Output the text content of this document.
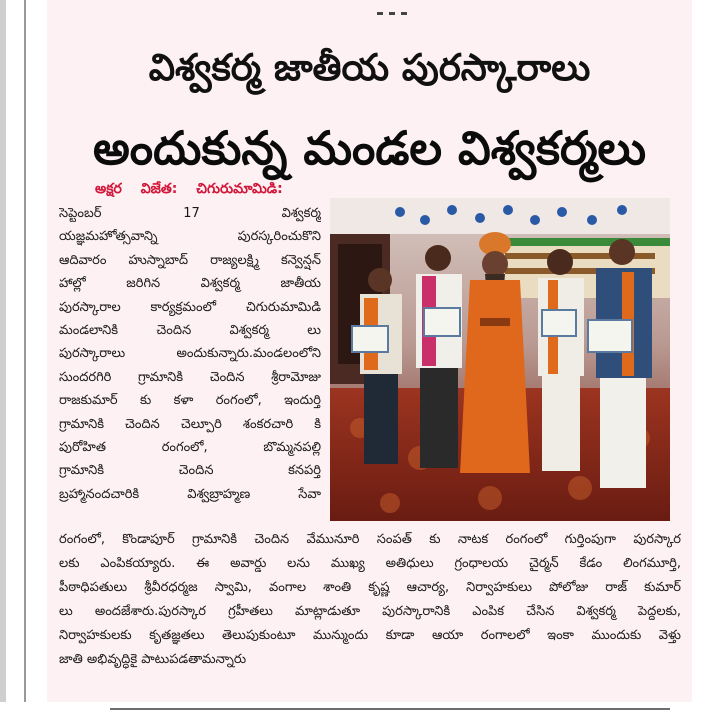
విశ్వకర్మ జాతీయ పురస్కారాలు
అందుకున్న మండల విశ్వకర్మలు
అక్షర విజేత: చిగురుమామిడి:
సెప్టెంబర్ 17 విశ్వకర్మ
యజ్ఞమహోత్సవాన్ని పురస్కరించుకొని
ఆదివారం హుస్నాబాద్ రాజ్యలక్ష్మి కన్వెన్షన్
హాల్లో జరిగిన విశ్వకర్మ జాతీయ
పురస్కారాల కార్యక్రమంలో చిగురుమామిడి
మండలానికి చెందిన విశ్వకర్మ లు
పురస్కారాలు అందుకున్నారు.మండలంలోని
సుందరగిరి గ్రామానికి చెందిన శ్రీరామోజు
రాజకుమార్ కు కళా రంగంలో, ఇందుర్తి
గ్రామానికి చెందిన చెల్పూరి శంకరచారి కి
పురోహిత రంగంలో, బొమ్మనపల్లి
గ్రామానికి చెందిన కనపర్తి
బ్రహ్మానందచారికి విశ్వబ్రాహ్మణ సేవా
రంగంలో, కొండాపూర్ గ్రామానికి చెందిన వేమునూరి సంపత్ కు నాటక రంగంలో గుర్తింపుగా పురస్కార
లకు ఎంపికయ్యారు. ఈ అవార్డు లను ముఖ్య అతిధులు గ్రంధాలయ చైర్మన్ కేడం లింగమూర్తి,
పీఠాధిపతులు శ్రీవీరధర్మజ స్వామి, వంగాల శాంతి కృష్ణ ఆచార్య, నిర్వాహకులు పోలోజు రాజ్ కుమార్
లు అందజేశారు.పురస్కార గ్రహీతలు మాట్లాడుతూ పురస్కారానికి ఎంపిక చేసిన విశ్వకర్మ పెద్దలకు,
నిర్వాహకులకు కృతజ్ఞతలు తెలుపుకుంటూ మున్ముందు కూడా ఆయా రంగాలలో ఇంకా ముందుకు వెళ్తు
జాతి అభివృద్ధికై పాటుపడతామన్నారు
